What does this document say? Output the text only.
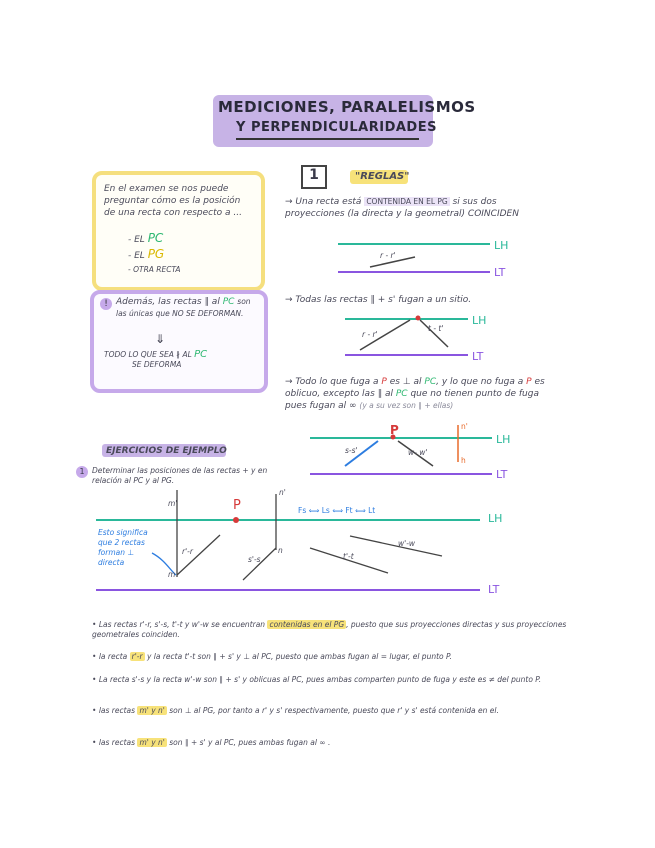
MEDICIONES, PARALELISMOS
Y PERPENDICULARIDADES
En el examen se nos puede preguntar cómo es la posición de una recta con respecto a ...
- EL PC
- EL PG
- OTRA RECTA
! Además, las rectas ∥ al PC son las únicas que NO SE DEFORMAN.
⇓
TODO LO QUE SEA ∦ AL PC
SE DEFORMA
1	"REGLAS"
→ Una recta está CONTENIDA EN EL PG si sus dos proyecciones (la directa y la geometral) COINCIDEN
→ Todas las rectas ∥ + s' fugan a un sitio.
→ Todo lo que fuga a P es ⊥ al PC, y lo que no fuga a P es oblicuo, excepto las ∥ al PC que no tienen punto de fuga pues fugan al ∞ (y a su vez son ∥ + ellas)
LH
LT
r - r'
LH
LT
r - r'
t - t'
P
LH
LT
s-s'	w- w'
n'
h
EJERCICIOS DE EJEMPLO
1 Determinar las posiciones de las rectas + y en relación al PC y al PG.
Esto significa que 2 rectas forman ⊥ directa
m'
n'
m
n
P
s'-s	t'-t
w'-w
r'-r
Fs ⟺ Ls ⟺ Ft ⟺ Lt
LH
LT
• Las rectas r'-r, s'-s, t'-t y w'-w se encuentran contenidas en el PG , puesto que sus proyecciones directas y sus proyecciones geometrales coinciden.
• la recta r'-r y la recta t'-t son ∥ + s' y ⊥ al PC, puesto que ambas fugan al = lugar, el punto P.
• La recta s'-s y la recta w'-w son ∥ + s' y oblicuas al PC, pues ambas comparten punto de fuga y este es ≠ del punto P.
• las rectas m' y n' son ⊥ al PG, por tanto a r' y s' respectivamente, puesto que r' y s' está contenida en el.
• las rectas m' y n' son ∥ + s' y al PC, pues ambas fugan al ∞ .
